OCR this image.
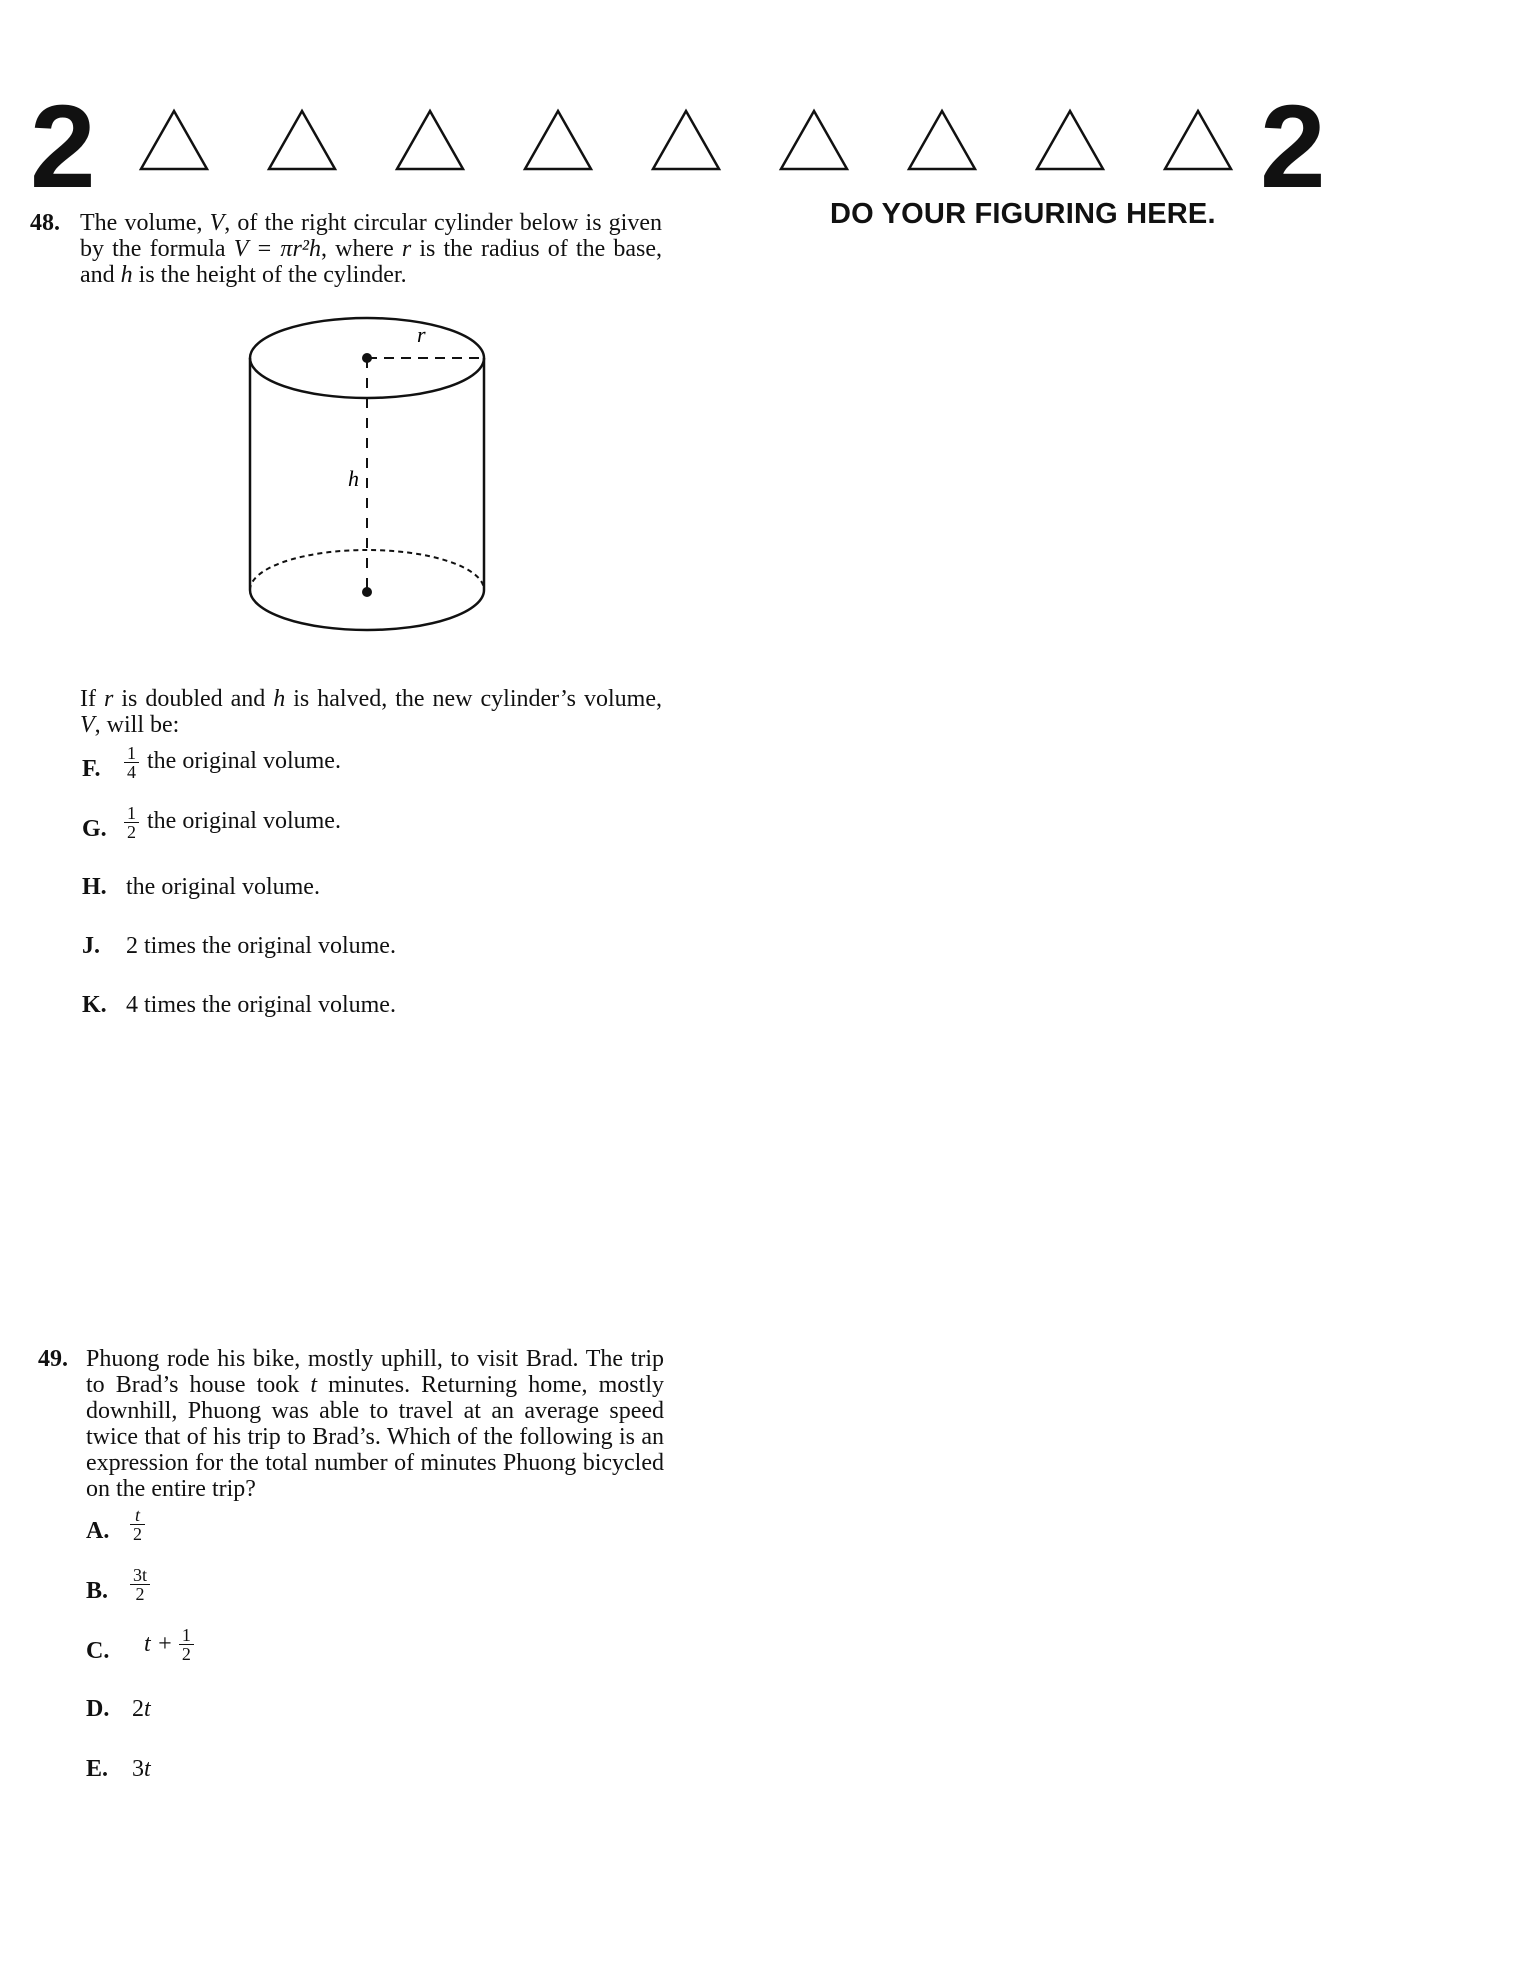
2	2
DO YOUR FIGURING HERE.
48. The volume, V, of the right circular cylinder below is given by the formula V = πr²h, where r is the radius of the base, and h is the height of the cylinder.
r
h
If r is doubled and h is halved, the new cylinder’s volume, V, will be:
F. $\frac{1}{4}$ the original volume.
G. $\frac{1}{2}$ the original volume.
H. the original volume.
J. 2 times the original volume.
K. 4 times the original volume.
49. Phuong rode his bike, mostly uphill, to visit Brad. The trip to Brad’s house took t minutes. Returning home, mostly downhill, Phuong was able to travel at an average speed twice that of his trip to Brad’s. Which of the following is an expression for the total number of minutes Phuong bicycled on the entire trip?
A. $\frac{t}{2}$
B. $\frac{3t}{2}$
C. $t + \frac{1}{2}$
D. 2t
E. 3t
